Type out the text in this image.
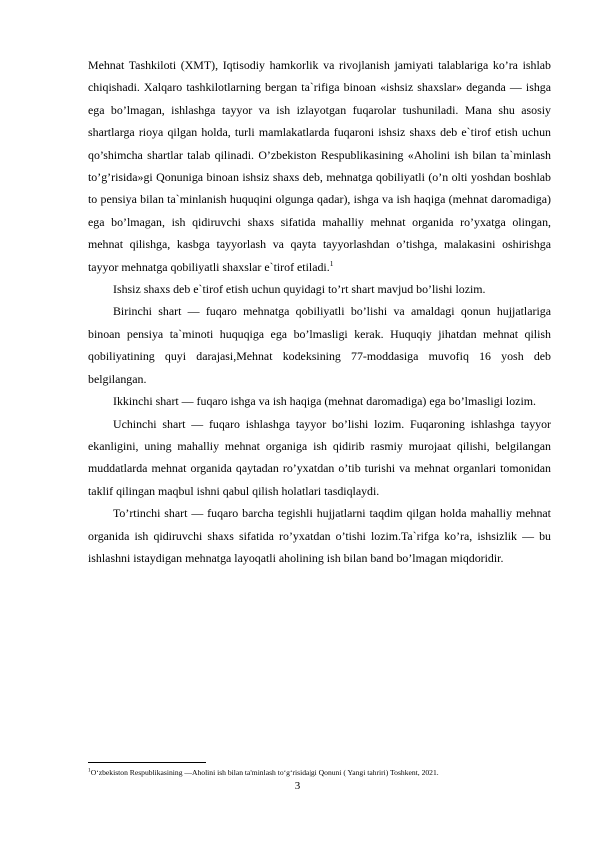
Mehnat Tashkiloti (XMT), Iqtisodiy hamkorlik va rivojlanish jamiyati talablariga ko’ra ishlab chiqishadi. Xalqaro tashkilotlarning bergan ta`rifiga binoan «ishsiz shaxslar» deganda — ishga ega bo’lmagan, ishlashga tayyor va ish izlayotgan fuqarolar tushuniladi. Mana shu asosiy shartlarga rioya qilgan holda, turli mamlakatlarda fuqaroni ishsiz shaxs deb e`tirof etish uchun qo’shimcha shartlar talab qilinadi. O’zbekiston Respublikasining «Aholini ish bilan ta`minlash to’g’risida»gi Qonuniga binoan ishsiz shaxs deb, mehnatga qobiliyatli (o’n olti yoshdan boshlab to pensiya bilan ta`minlanish huquqini olgunga qadar), ishga va ish haqiga (mehnat daromadiga) ega bo’lmagan, ish qidiruvchi shaxs sifatida mahalliy mehnat organida ro’yxatga olingan, mehnat qilishga, kasbga tayyorlash va qayta tayyorlashdan o’tishga, malakasini oshirishga tayyor mehnatga qobiliyatli shaxslar e`tirof etiladi.$^1$

Ishsiz shaxs deb e`tirof etish uchun quyidagi to’rt shart mavjud bo’lishi lozim.

Birinchi shart — fuqaro mehnatga qobiliyatli bo’lishi va amaldagi qonun hujjatlariga binoan pensiya ta`minoti huquqiga ega bo’lmasligi kerak. Huquqiy jihatdan mehnat qilish qobiliyatining quyi darajasi,Mehnat kodeksining 77-moddasiga muvofiq 16 yosh deb belgilangan.

Ikkinchi shart — fuqaro ishga va ish haqiga (mehnat daromadiga) ega bo’lmasligi lozim.

Uchinchi shart — fuqaro ishlashga tayyor bo’lishi lozim. Fuqaroning ishlashga tayyor ekanligini, uning mahalliy mehnat organiga ish qidirib rasmiy murojaat qilishi, belgilangan muddatlarda mehnat organida qaytadan ro’yxatdan o’tib turishi va mehnat organlari tomonidan taklif qilingan maqbul ishni qabul qilish holatlari tasdiqlaydi.

To’rtinchi shart — fuqaro barcha tegishli hujjatlarni taqdim qilgan holda mahalliy mehnat organida ish qidiruvchi shaxs sifatida ro’yxatdan o’tishi lozim.Ta`rifga ko’ra, ishsizlik — bu ishlashni istaydigan mehnatga layoqatli aholining ish bilan band bo’lmagan miqdoridir.

$^1$O‘zbekiston Respublikasining ―Aholini ish bilan ta'minlash to‘g‘risida|gi Qonuni ( Yangi tahriri) Toshkent, 2021.
3
